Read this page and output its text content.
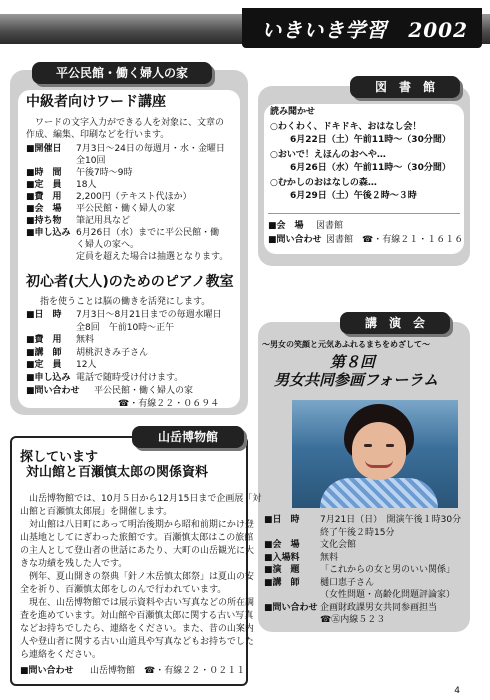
いきいき学習　2002
平公民館・働く婦人の家
中級者向けワード講座
　ワードの文字入力ができる人を対象に、文章の
作成、編集、印刷などを行います。
■開催日 7月3日～24日の毎週月・水・金曜日
全10回
■時　間 午後7時～9時
■定　員 18人
■費　用 2,200円（テキスト代ほか）
■会　場 平公民館・働く婦人の家
■持ち物 筆記用具など
■申し込み 6月26日（水）までに平公民館・働
く婦人の家へ。
定員を超えた場合は抽選となります。
初心者(大人)のためのピアノ教室
指を使うことは脳の働きを活発にします。
■日　時 7月3日～8月21日までの毎週水曜日
全8回　午前10時～正午
■費　用 無料
■講　師 胡桃沢きみ子さん
■定　員 12人
■申し込み 電話で随時受け付けます。
■問い合わせ 平公民館・働く婦人の家
☎・有線２２・０６９４
図　書　館
読み聞かせ
○わくわく、ドキドキ、おはなし会！
6月22日（土）午前11時～（30分間）
○おいで！えほんのおへや…
6月26日（水）午前11時～（30分間）
○むかしのおはなしの森…
6月29日（土）午後２時～３時
■会　場 図書館
■問い合わせ 図書館　☎・有線２１・１６１６
講　演　会
～男女の笑顔と元気あふれるまちをめざして～
第８回
男女共同参画フォーラム
■日　時 7月21日（日）　開演午後１時30分
終了午後２時15分
■会　場 文化会館
■入場料 無料
■演　題 「これからの女と男のいい関係」
■講　師 樋口恵子さん
（女性問題・高齢化問題評論家）
■問い合わせ 企画財政課男女共同参画担当
☎㊄内線５２３
山岳博物館
探しています
対山館と百瀬慎太郎の関係資料
　山岳博物館では、10月５日から12月15日まで企画展「対
山館と百瀬慎太郎展」を開催します。
　対山館は八日町にあって明治後期から昭和前期にかけ登
山基地としてにぎわった旅館です。百瀬慎太郎はこの旅館
の主人として登山者の世話にあたり、大町の山岳観光に大
きな功績を残した人です。
　例年、夏山開きの祭典「針ノ木岳慎太郎祭」は夏山の安
全を祈り、百瀬慎太郎をしのんで行われています。
　現在、山岳博物館では展示資料や古い写真などの所在調
査を進めています。対山館や百瀬慎太郎に関する古い写真
などお持ちでしたら、連絡をください。また、昔の山案内
人や登山者に関する古い山道具や写真などもお持ちでした
ら連絡をください。
■問い合わせ 山岳博物館　☎・有線２２・０２１１
4
